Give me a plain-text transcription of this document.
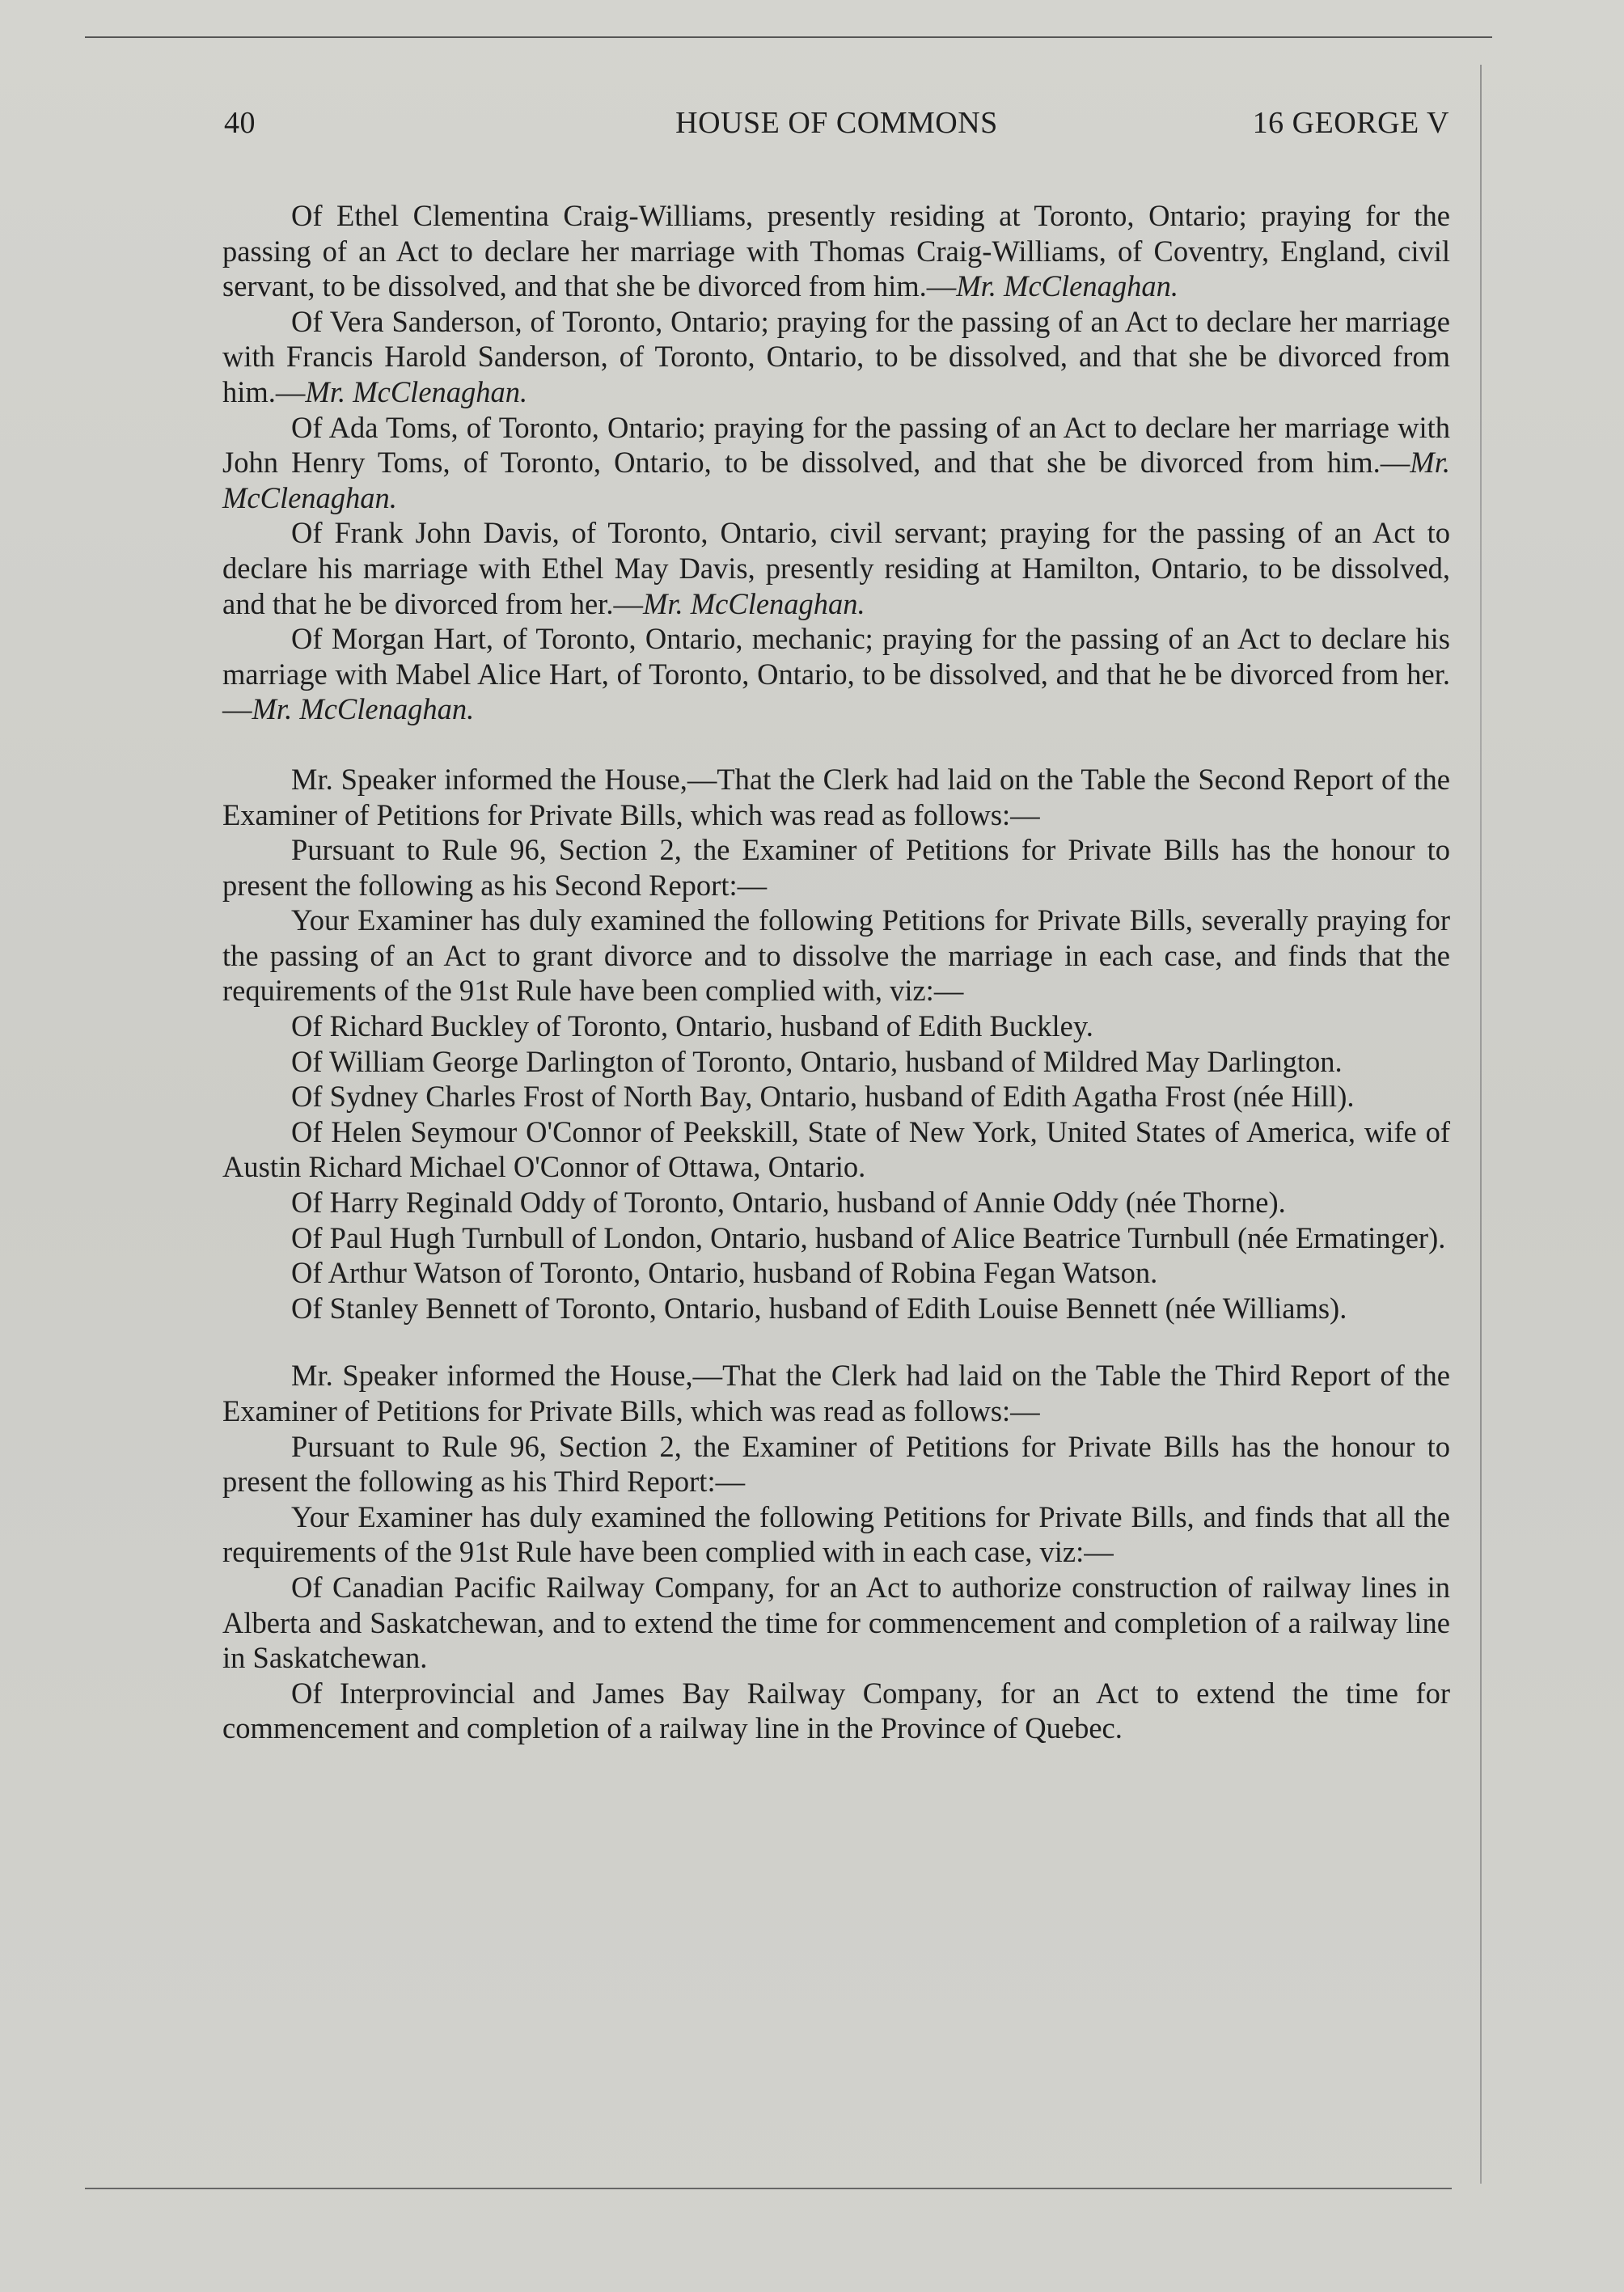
40	HOUSE OF COMMONS	16 GEORGE V

Of Ethel Clementina Craig-Williams, presently residing at Toronto, Ontario; praying for the passing of an Act to declare her marriage with Thomas Craig-Williams, of Coventry, England, civil servant, to be dissolved, and that she be divorced from him.—Mr. McClenaghan.

Of Vera Sanderson, of Toronto, Ontario; praying for the passing of an Act to declare her marriage with Francis Harold Sanderson, of Toronto, Ontario, to be dissolved, and that she be divorced from him.—Mr. McClenaghan.

Of Ada Toms, of Toronto, Ontario; praying for the passing of an Act to declare her marriage with John Henry Toms, of Toronto, Ontario, to be dissolved, and that she be divorced from him.—Mr. McClenaghan.

Of Frank John Davis, of Toronto, Ontario, civil servant; praying for the passing of an Act to declare his marriage with Ethel May Davis, presently residing at Hamilton, Ontario, to be dissolved, and that he be divorced from her.—Mr. McClenaghan.

Of Morgan Hart, of Toronto, Ontario, mechanic; praying for the passing of an Act to declare his marriage with Mabel Alice Hart, of Toronto, Ontario, to be dissolved, and that he be divorced from her.—Mr. McClenaghan.

Mr. Speaker informed the House,—That the Clerk had laid on the Table the Second Report of the Examiner of Petitions for Private Bills, which was read as follows:—

Pursuant to Rule 96, Section 2, the Examiner of Petitions for Private Bills has the honour to present the following as his Second Report:—

Your Examiner has duly examined the following Petitions for Private Bills, severally praying for the passing of an Act to grant divorce and to dissolve the marriage in each case, and finds that the requirements of the 91st Rule have been complied with, viz:—

Of Richard Buckley of Toronto, Ontario, husband of Edith Buckley.

Of William George Darlington of Toronto, Ontario, husband of Mildred May Darlington.

Of Sydney Charles Frost of North Bay, Ontario, husband of Edith Agatha Frost (née Hill).

Of Helen Seymour O'Connor of Peekskill, State of New York, United States of America, wife of Austin Richard Michael O'Connor of Ottawa, Ontario.

Of Harry Reginald Oddy of Toronto, Ontario, husband of Annie Oddy (née Thorne).

Of Paul Hugh Turnbull of London, Ontario, husband of Alice Beatrice Turnbull (née Ermatinger).

Of Arthur Watson of Toronto, Ontario, husband of Robina Fegan Watson.

Of Stanley Bennett of Toronto, Ontario, husband of Edith Louise Bennett (née Williams).

Mr. Speaker informed the House,—That the Clerk had laid on the Table the Third Report of the Examiner of Petitions for Private Bills, which was read as follows:—

Pursuant to Rule 96, Section 2, the Examiner of Petitions for Private Bills has the honour to present the following as his Third Report:—

Your Examiner has duly examined the following Petitions for Private Bills, and finds that all the requirements of the 91st Rule have been complied with in each case, viz:—

Of Canadian Pacific Railway Company, for an Act to authorize construction of railway lines in Alberta and Saskatchewan, and to extend the time for commencement and completion of a railway line in Saskatchewan.

Of Interprovincial and James Bay Railway Company, for an Act to extend the time for commencement and completion of a railway line in the Province of Quebec.
